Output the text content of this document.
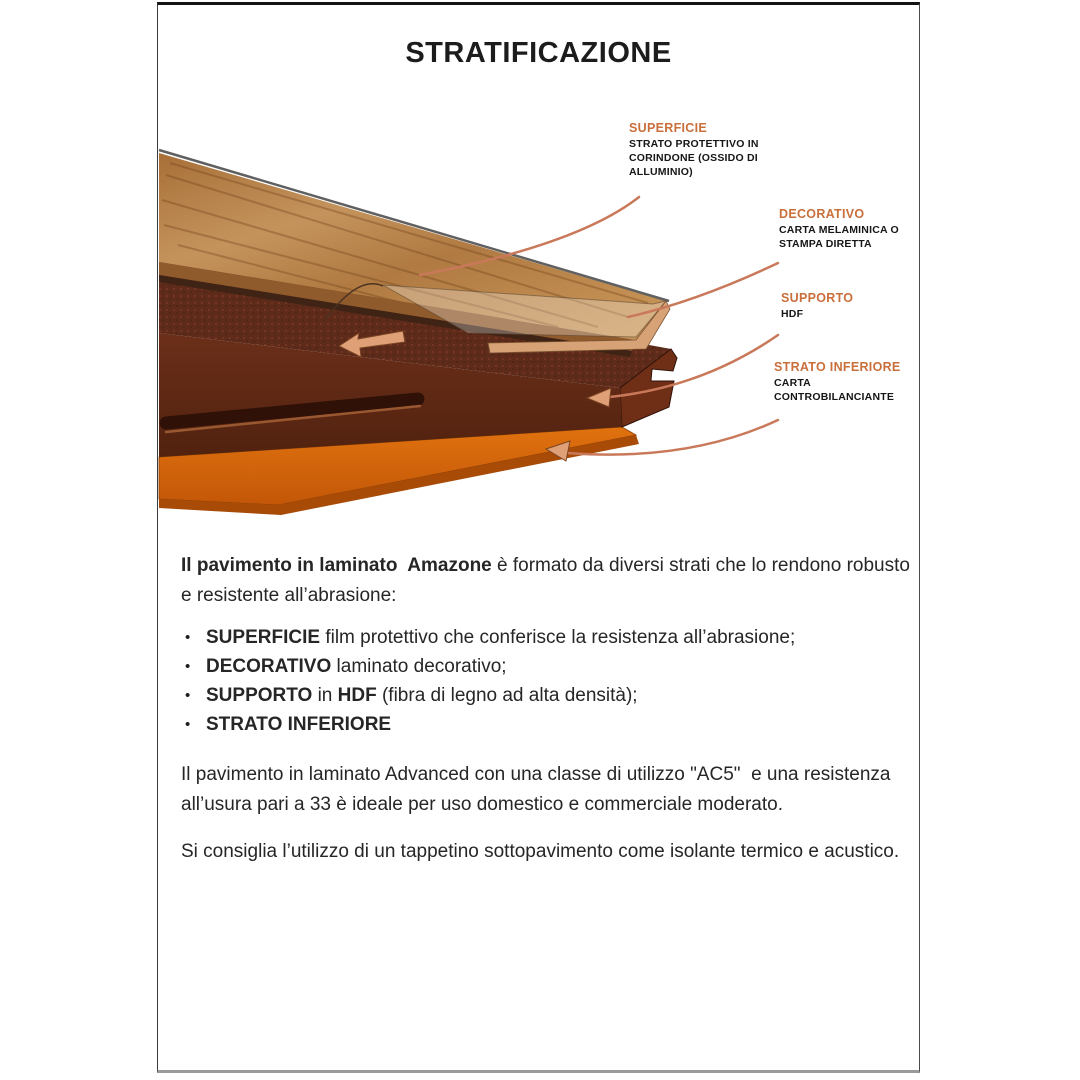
STRATIFICAZIONE
SUPERFICIE

STRATO PROTETTIVO IN CORINDONE (OSSIDO DI ALLUMINIO)

DECORATIVO

CARTA MELAMINICA O STAMPA DIRETTA

SUPPORTO

HDF

STRATO INFERIORE

CARTA CONTROBILANCIANTE

Il pavimento in laminato  Amazone è formato da diversi strati che lo rendono robusto e resistente all’abrasione:

• SUPERFICIE film protettivo che conferisce la resistenza all’abrasione;
• DECORATIVO laminato decorativo;
• SUPPORTO in HDF (fibra di legno ad alta densità);
• STRATO INFERIORE

Il pavimento in laminato Advanced con una classe di utilizzo "AC5"  e una resistenza all’usura pari a 33 è ideale per uso domestico e commerciale moderato.

Si consiglia l’utilizzo di un tappetino sottopavimento come isolante termico e acustico.
